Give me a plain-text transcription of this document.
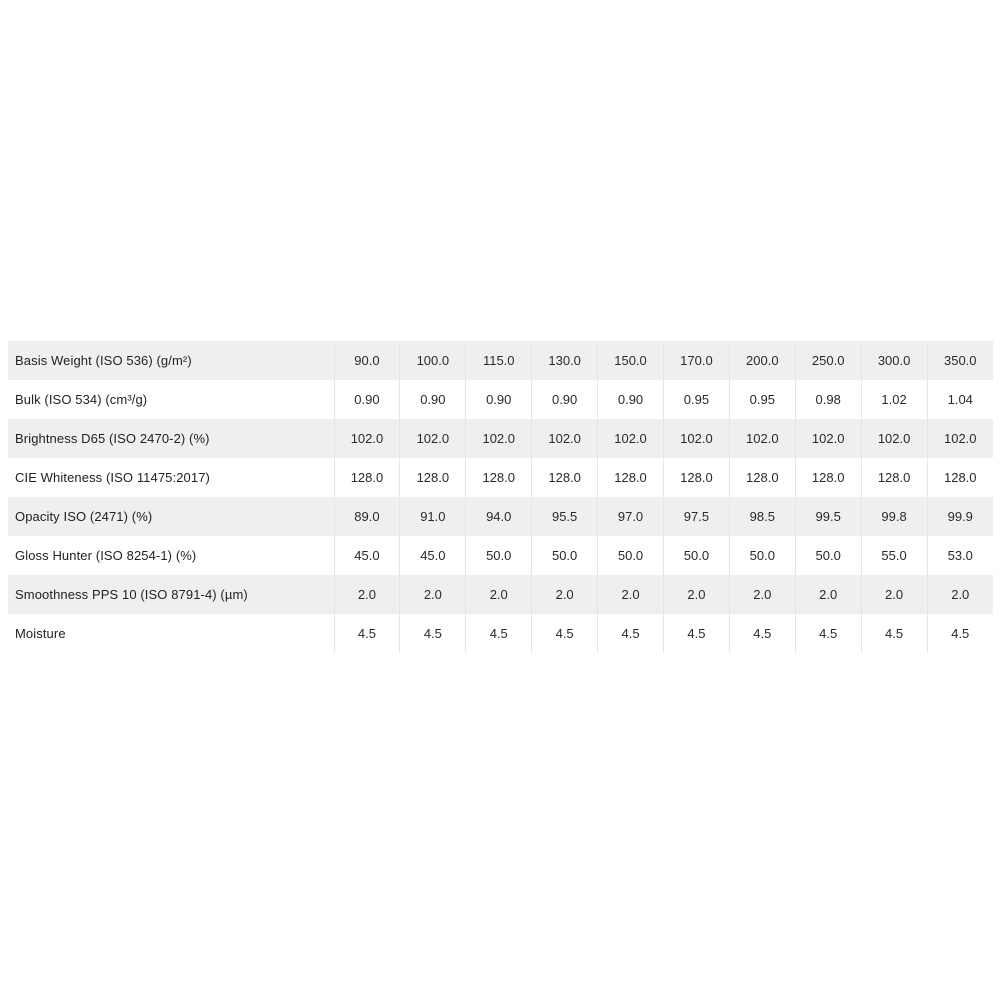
Basis Weight (ISO 536) (g/m²)	90.0	100.0	115.0	130.0	150.0	170.0	200.0	250.0	300.0	350.0
Bulk (ISO 534) (cm³/g)	0.90	0.90	0.90	0.90	0.90	0.95	0.95	0.98	1.02	1.04
Brightness D65 (ISO 2470-2) (%)	102.0	102.0	102.0	102.0	102.0	102.0	102.0	102.0	102.0	102.0
CIE Whiteness (ISO 11475:2017)	128.0	128.0	128.0	128.0	128.0	128.0	128.0	128.0	128.0	128.0
Opacity ISO (2471) (%)	89.0	91.0	94.0	95.5	97.0	97.5	98.5	99.5	99.8	99.9
Gloss Hunter (ISO 8254-1) (%)	45.0	45.0	50.0	50.0	50.0	50.0	50.0	50.0	55.0	53.0
Smoothness PPS 10 (ISO 8791-4) (µm)	2.0	2.0	2.0	2.0	2.0	2.0	2.0	2.0	2.0	2.0
Moisture	4.5	4.5	4.5	4.5	4.5	4.5	4.5	4.5	4.5	4.5
